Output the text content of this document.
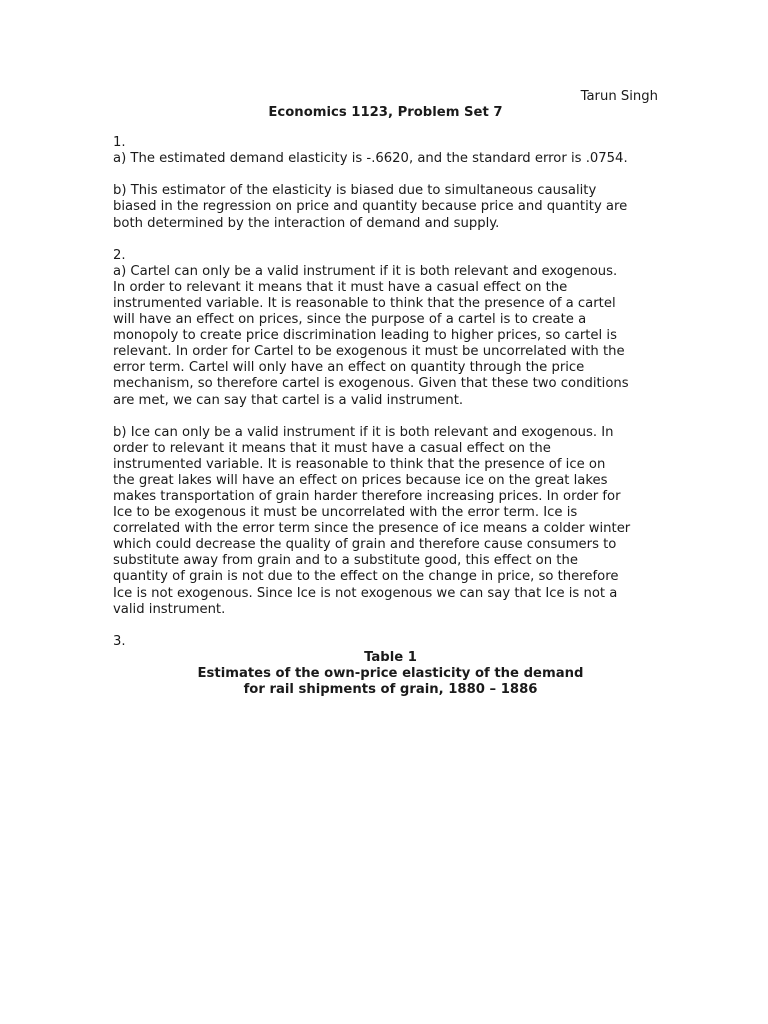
Tarun Singh

Economics 1123, Problem Set 7

1.

a) The estimated demand elasticity is -.6620, and the standard error is .0754.

b) This estimator of the elasticity is biased due to simultaneous causality

biased in the regression on price and quantity because price and quantity are

both determined by the interaction of demand and supply.

2.

a) Cartel can only be a valid instrument if it is both relevant and exogenous.

In order to relevant it means that it must have a casual effect on the

instrumented variable. It is reasonable to think that the presence of a cartel

will have an effect on prices, since the purpose of a cartel is to create a

monopoly to create price discrimination leading to higher prices, so cartel is

relevant. In order for Cartel to be exogenous it must be uncorrelated with the

error term. Cartel will only have an effect on quantity through the price

mechanism, so therefore cartel is exogenous. Given that these two conditions

are met, we can say that cartel is a valid instrument.

b) Ice can only be a valid instrument if it is both relevant and exogenous. In

order to relevant it means that it must have a casual effect on the

instrumented variable. It is reasonable to think that the presence of ice on

the great lakes will have an effect on prices because ice on the great lakes

makes transportation of grain harder therefore increasing prices. In order for

Ice to be exogenous it must be uncorrelated with the error term. Ice is

correlated with the error term since the presence of ice means a colder winter

which could decrease the quality of grain and therefore cause consumers to

substitute away from grain and to a substitute good, this effect on the

quantity of grain is not due to the effect on the change in price, so therefore

Ice is not exogenous. Since Ice is not exogenous we can say that Ice is not a

valid instrument.

3.

Table 1

Estimates of the own-price elasticity of the demand

for rail shipments of grain, 1880 – 1886
